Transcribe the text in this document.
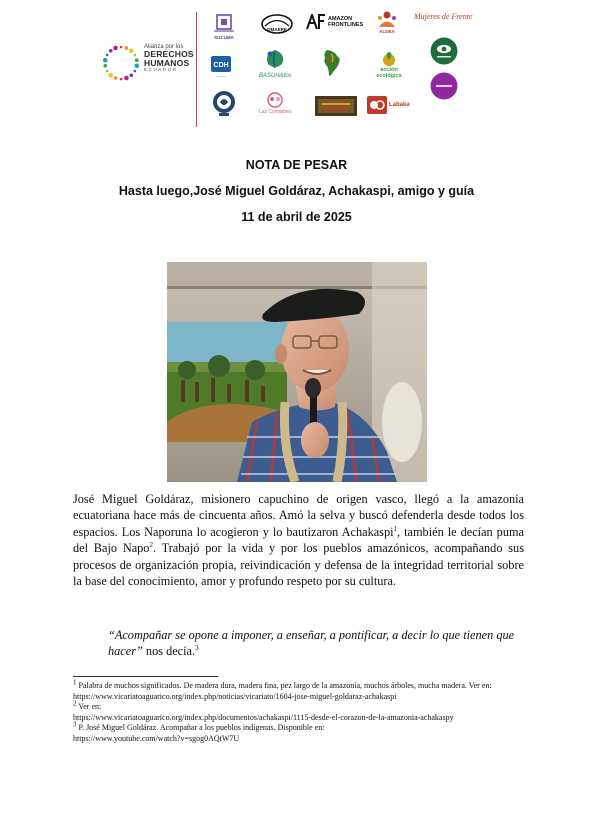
Alianza por los
DERECHOS
HUMANOS
ECUADOR
SUCUMA
OMAERE
AMAZON FRONTLINES
ALDEA
Mujeres de Frente
CDH
———	BASUreidos
acción ecológica
Las Comadres
Labaka
NOTA DE PESAR
Hasta luego,José Miguel Goldáraz, Achakaspi, amigo y guía
11 de abril de 2025

José Miguel Goldáraz, misionero capuchino de origen vasco, llegó a la amazonía ecuatoriana hace más de cincuenta años. Amó la selva y buscó defenderla desde todos los espacios. Los Naporuna lo acogieron y lo bautizaron Achakaspi$^1$, también le decían puma del Bajo Napo$^2$. Trabajó por la vida y por los pueblos amazónicos, acompañando sus procesos de organización propia, reivindicación y defensa de la integridad territorial sobre la base del conocimiento, amor y profundo respeto por su cultura.

“Acompañar se opone a imponer, a enseñar, a pontificar, a decir lo que tienen que hacer” nos decía.$^3$
$^1$ Palabra de muchos significados. De madera dura, madera fina, pez largo de la amazonía, muchos árboles, mucha madera. Ver en:
https://www.vicariatoaguarico.org/index.php/noticias/vicariato/1604-jose-miguel-goldaraz-achakaspi
$^2$ Ver en:
https://www.vicariatoaguarico.org/index.php/documentos/achakaspi/1115-desde-el-corazon-de-la-amazonia-achakaspy
$^3$ P. José Miguel Goldáraz. Acompañar a los pueblos indígenas. Disponible en:
https://www.youtube.com/watch?v=sgog0AQtW7U
